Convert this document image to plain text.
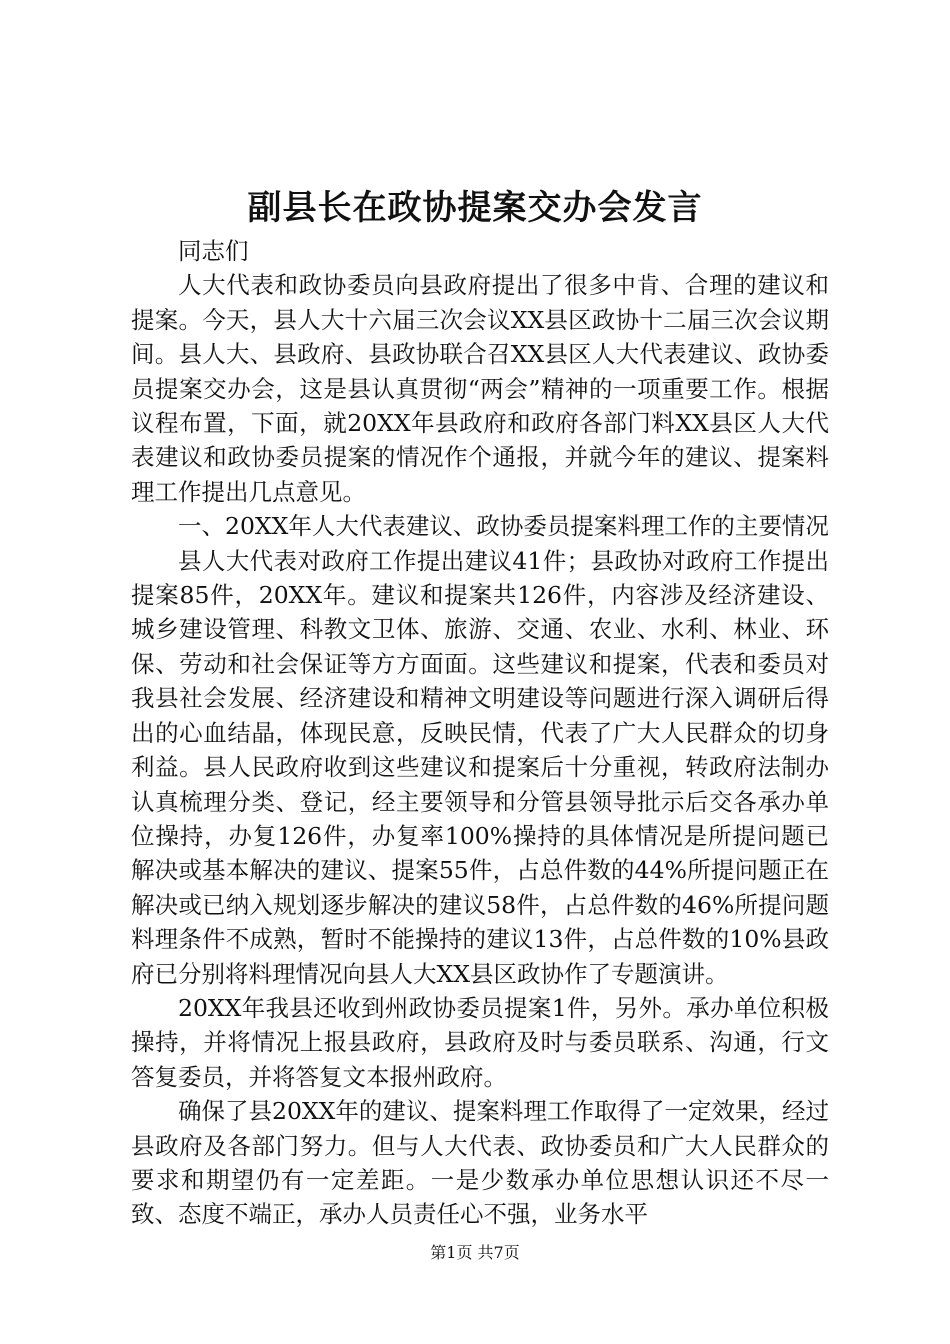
副县长在政协提案交办会发言

同志们

人大代表和政协委员向县政府提出了很多中肯、合理的建议和提案。今天，县人大十六届三次会议XX县区政协十二届三次会议期间。县人大、县政府、县政协联合召XX县区人大代表建议、政协委员提案交办会，这是县认真贯彻“两会”精神的一项重要工作。根据议程布置，下面，就20XX年县政府和政府各部门料XX县区人大代表建议和政协委员提案的情况作个通报，并就今年的建议、提案料理工作提出几点意见。

一、20XX年人大代表建议、政协委员提案料理工作的主要情况

县人大代表对政府工作提出建议41件；县政协对政府工作提出提案85件，20XX年。建议和提案共126件，内容涉及经济建设、城乡建设管理、科教文卫体、旅游、交通、农业、水利、林业、环保、劳动和社会保证等方方面面。这些建议和提案，代表和委员对我县社会发展、经济建设和精神文明建设等问题进行深入调研后得出的心血结晶，体现民意，反映民情，代表了广大人民群众的切身利益。县人民政府收到这些建议和提案后十分重视，转政府法制办认真梳理分类、登记，经主要领导和分管县领导批示后交各承办单位操持，办复126件，办复率100%操持的具体情况是所提问题已解决或基本解决的建议、提案55件，占总件数的44%所提问题正在解决或已纳入规划逐步解决的建议58件，占总件数的46%所提问题料理条件不成熟，暂时不能操持的建议13件，占总件数的10%县政府已分别将料理情况向县人大XX县区政协作了专题演讲。

20XX年我县还收到州政协委员提案1件，另外。承办单位积极操持，并将情况上报县政府，县政府及时与委员联系、沟通，行文答复委员，并将答复文本报州政府。

确保了县20XX年的建议、提案料理工作取得了一定效果，经过县政府及各部门努力。但与人大代表、政协委员和广大人民群众的要求和期望仍有一定差距。一是少数承办单位思想认识还不尽一致、态度不端正，承办人员责任心不强，业务水平

第1页 共7页
